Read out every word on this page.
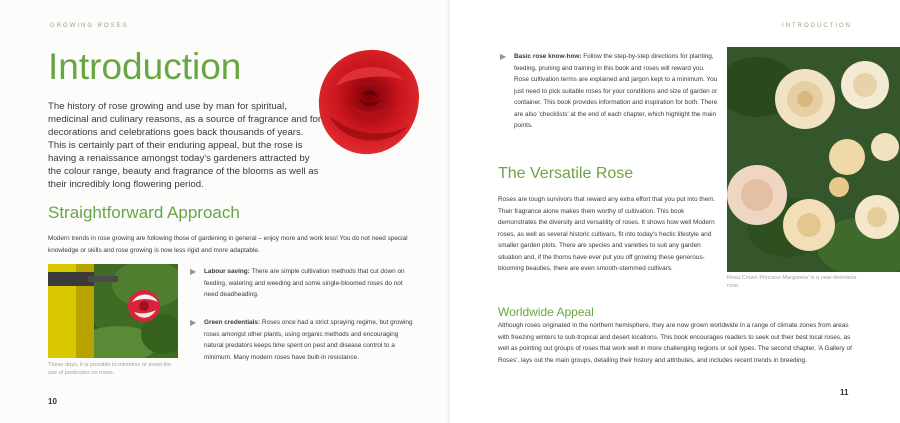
GROWING ROSES
Introduction
The history of rose growing and use by man for spiritual, medicinal and culinary reasons, as a source of fragrance and for decorations and celebrations goes back thousands of years. This is certainly part of their enduring appeal, but the rose is having a renaissance amongst today's gardeners attracted by the colour range, beauty and fragrance of the blooms as well as their incredibly long flowering period.
Straightforward Approach
Modern trends in rose growing are following those of gardening in general – enjoy more and work less! You do not need special knowledge or skills and rose growing is now less rigid and more adaptable.
These days, it is possible to minimise or avoid the use of pesticides on roses.
▶ Labour saving: There are simple cultivation methods that cut down on feeding, watering and weeding and some single-bloomed roses do not need deadheading.
▶ Green credentials: Roses once had a strict spraying regime, but growing roses amongst other plants, using organic methods and encouraging natural predators keeps time spent on pest and disease control to a minimum. Many modern roses have built-in resistance.
10
INTRODUCTION
▶ Basic rose know-how: Follow the step-by-step directions for planting, feeding, pruning and training in this book and roses will reward you. Rose cultivation terms are explained and jargon kept to a minimum. You just need to pick suitable roses for your conditions and size of garden or container. This book provides information and inspiration for both. There are also 'checklists' at the end of each chapter, which highlight the main points.
The Versatile Rose
Roses are tough survivors that reward any extra effort that you put into them. Their fragrance alone makes them worthy of cultivation. This book demonstrates the diversity and versatility of roses. It shows how well Modern roses, as well as several historic cultivars, fit into today's hectic lifestyle and smaller garden plots. There are species and varieties to suit any garden situation and, if the thorns have ever put you off growing these generous-blooming beauties, there are even smooth-stemmed cultivars.
Rosa Crown Princess Margareta' is a near-thornless rose.
Worldwide Appeal
Although roses originated in the northern hemisphere, they are now grown worldwide in a range of climate zones from areas with freezing winters to sub-tropical and desert locations. This book encourages readers to seek out their best local roses, as well as pointing out groups of roses that work well in more challenging regions or soil types. The second chapter, 'A Gallery of Roses', lays out the main groups, detailing their history and attributes, and includes recent trends in breeding.
11
